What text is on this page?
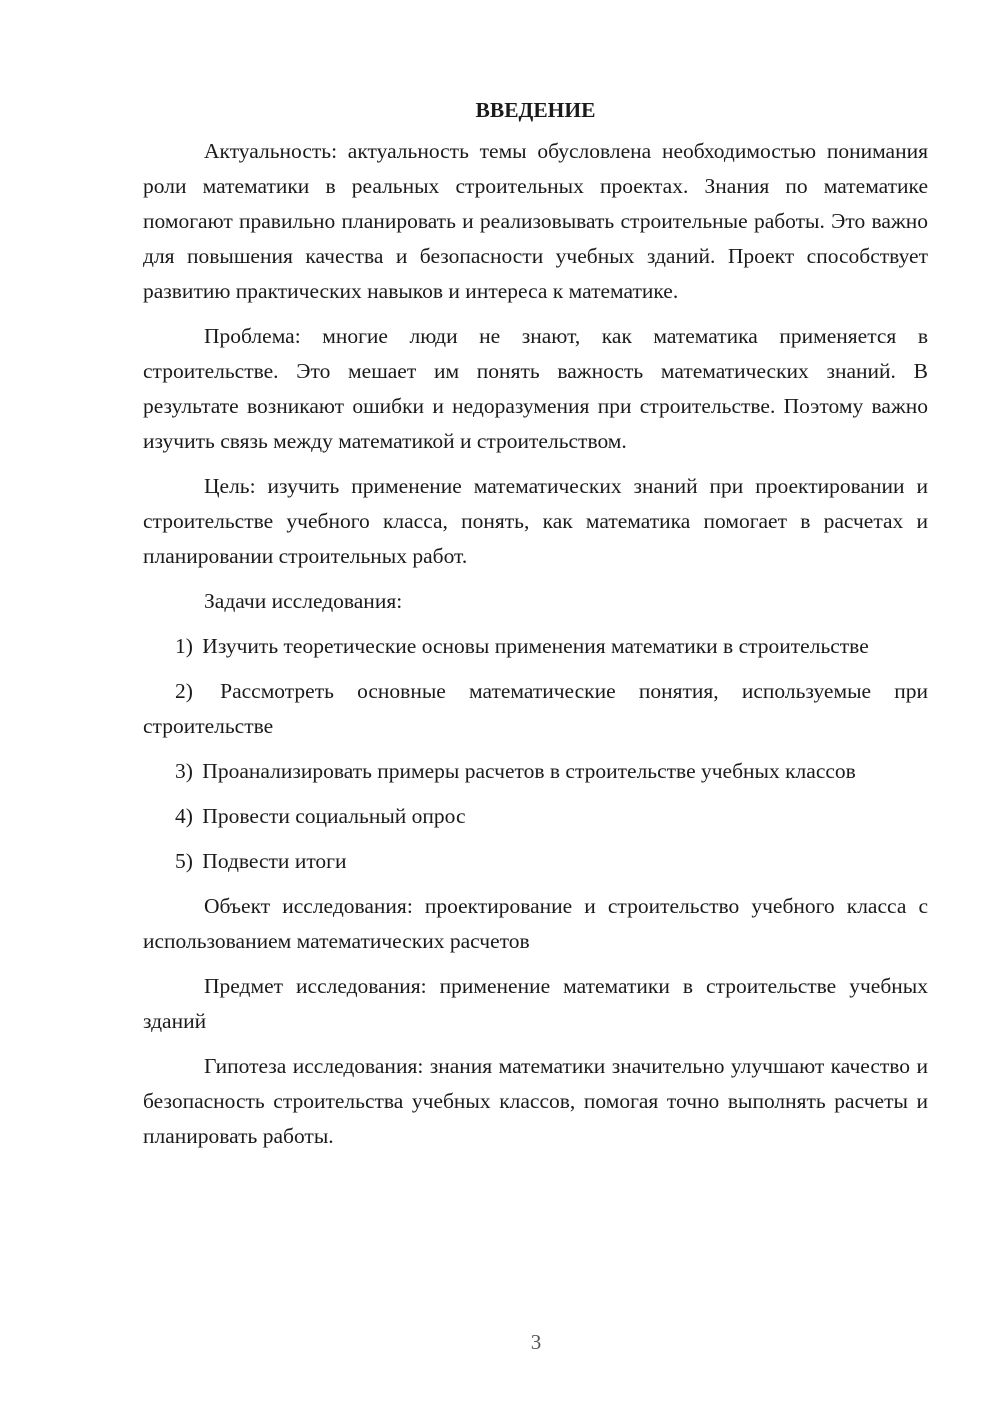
ВВЕДЕНИЕ

Актуальность: актуальность темы обусловлена необходимостью понимания роли математики в реальных строительных проектах. Знания по математике помогают правильно планировать и реализовывать строительные работы. Это важно для повышения качества и безопасности учебных зданий. Проект способствует развитию практических навыков и интереса к математике.

Проблема: многие люди не знают, как математика применяется в строительстве. Это мешает им понять важность математических знаний. В результате возникают ошибки и недоразумения при строительстве. Поэтому важно изучить связь между математикой и строительством.

Цель: изучить применение математических знаний при проектировании и строительстве учебного класса, понять, как математика помогает в расчетах и планировании строительных работ.

Задачи исследования:

1) Изучить теоретические основы применения математики в строительстве

2) Рассмотреть основные математические понятия, используемые при строительстве

3) Проанализировать примеры расчетов в строительстве учебных классов

4) Провести социальный опрос

5) Подвести итоги

Объект исследования: проектирование и строительство учебного класса с использованием математических расчетов

Предмет исследования: применение математики в строительстве учебных зданий

Гипотеза исследования: знания математики значительно улучшают качество и безопасность строительства учебных классов, помогая точно выполнять расчеты и планировать работы.

3
